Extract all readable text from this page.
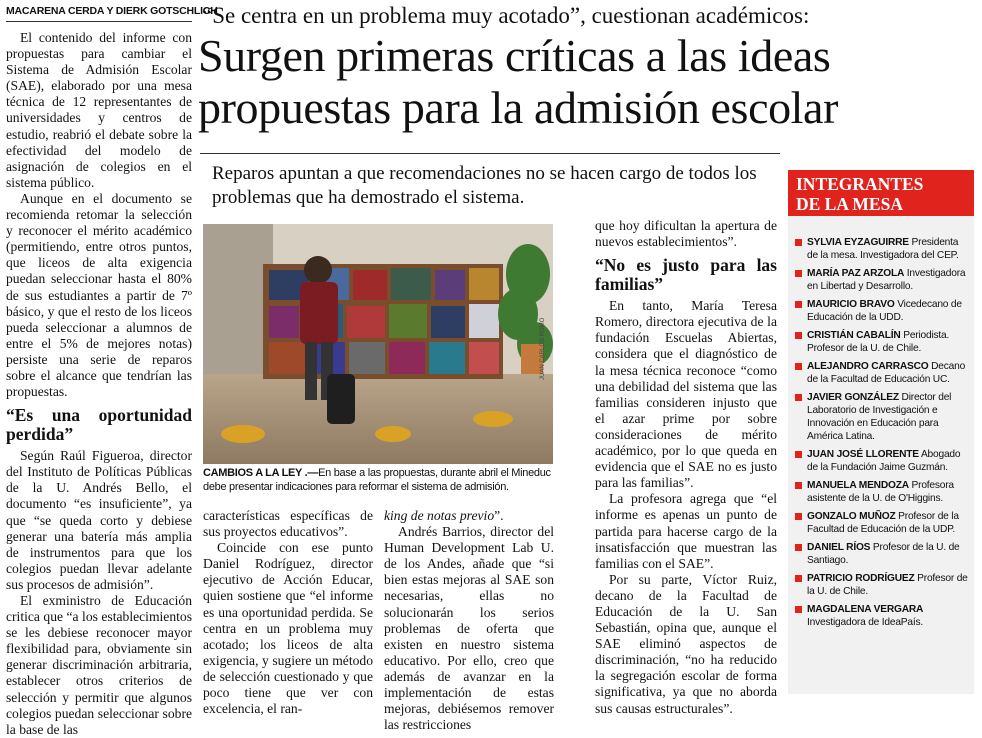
MACARENA CERDA Y DIERK GOTSCHLICH
“Se centra en un problema muy acotado”, cuestionan académicos:
Surgen primeras críticas a las ideas
propuestas para la admisión escolar
Reparos apuntan a que recomendaciones no se hacen cargo de todos los problemas que ha demostrado el sistema.

El contenido del informe con propuestas para cambiar el Sistema de Admisión Escolar (SAE), elaborado por una mesa técnica de 12 representantes de universidades y centros de estudio, reabrió el debate sobre la efectividad del modelo de asignación de colegios en el sistema público.

Aunque en el documento se recomienda retomar la selección y reconocer el mérito académico (permitiendo, entre otros puntos, que liceos de alta exigencia puedan seleccionar hasta el 80% de sus estudiantes a partir de 7º básico, y que el resto de los liceos pueda seleccionar a alumnos de entre el 5% de mejores notas) persiste una serie de reparos sobre el alcance que tendrían las propuestas.

“Es una oportunidad perdida”

Según Raúl Figueroa, director del Instituto de Políticas Públicas de la U. Andrés Bello, el documento “es insuficiente”, ya que “se queda corto y debiese generar una batería más amplia de instrumentos para que los colegios puedan llevar adelante sus procesos de admisión”.

El exministro de Educación critica que “a los establecimientos se les debiese reconocer mayor flexibilidad para, obviamente sin generar discriminación arbitraria, establecer otros criterios de selección y permitir que algunos colegios puedan seleccionar sobre la base de las

JUAN CARLOS ROMO
CAMBIOS A LA LEY .—En base a las propuestas, durante abril el Mineduc debe presentar indicaciones para reformar el sistema de admisión.

características específicas de sus proyectos educativos”.

Coincide con ese punto Daniel Rodríguez, director ejecutivo de Acción Educar, quien sostiene que “el informe es una oportunidad perdida. Se centra en un problema muy acotado; los liceos de alta exigencia, y sugiere un método de selección cuestionado y que poco tiene que ver con excelencia, el ran-

king de notas previo”.

Andrés Barrios, director del Human Development Lab U. de los Andes, añade que “si bien estas mejoras al SAE son necesarias, ellas no solucionarán los serios problemas de oferta que existen en nuestro sistema educativo. Por ello, creo que además de avanzar en la implementación de estas mejoras, debiésemos remover las restricciones

que hoy dificultan la apertura de nuevos establecimientos”.

“No es justo para las familias”

En tanto, María Teresa Romero, directora ejecutiva de la fundación Escuelas Abiertas, considera que el diagnóstico de la mesa técnica reconoce “como una debilidad del sistema que las familias consideren injusto que el azar prime por sobre consideraciones de mérito académico, por lo que queda en evidencia que el SAE no es justo para las familias”.

La profesora agrega que “el informe es apenas un punto de partida para hacerse cargo de la insatisfacción que muestran las familias con el SAE”.

Por su parte, Víctor Ruiz, decano de la Facultad de Educación de la U. San Sebastián, opina que, aunque el SAE eliminó aspectos de discriminación, “no ha reducido la segregación escolar de forma significativa, ya que no aborda sus causas estructurales”.

INTEGRANTES
DE LA MESA
SYLVIA EYZAGUIRRE Presidenta de la mesa. Investigadora del CEP.
MARÍA PAZ ARZOLA Investigadora en Libertad y Desarrollo.
MAURICIO BRAVO Vicedecano de Educación de la UDD.
CRISTIÁN CABALÍN Periodista. Profesor de la U. de Chile.
ALEJANDRO CARRASCO Decano de la Facultad de Educación UC.
JAVIER GONZÁLEZ Director del Laboratorio de Investigación e Innovación en Educación para América Latina.
JUAN JOSÉ LLORENTE Abogado de la Fundación Jaime Guzmán.
MANUELA MENDOZA Profesora asistente de la U. de O'Higgins.
GONZALO MUÑOZ Profesor de la Facultad de Educación de la UDP.
DANIEL RÍOS Profesor de la U. de Santiago.
PATRICIO RODRÍGUEZ Profesor de la U. de Chile.
MAGDALENA VERGARA Investigadora de IdeaPaís.
